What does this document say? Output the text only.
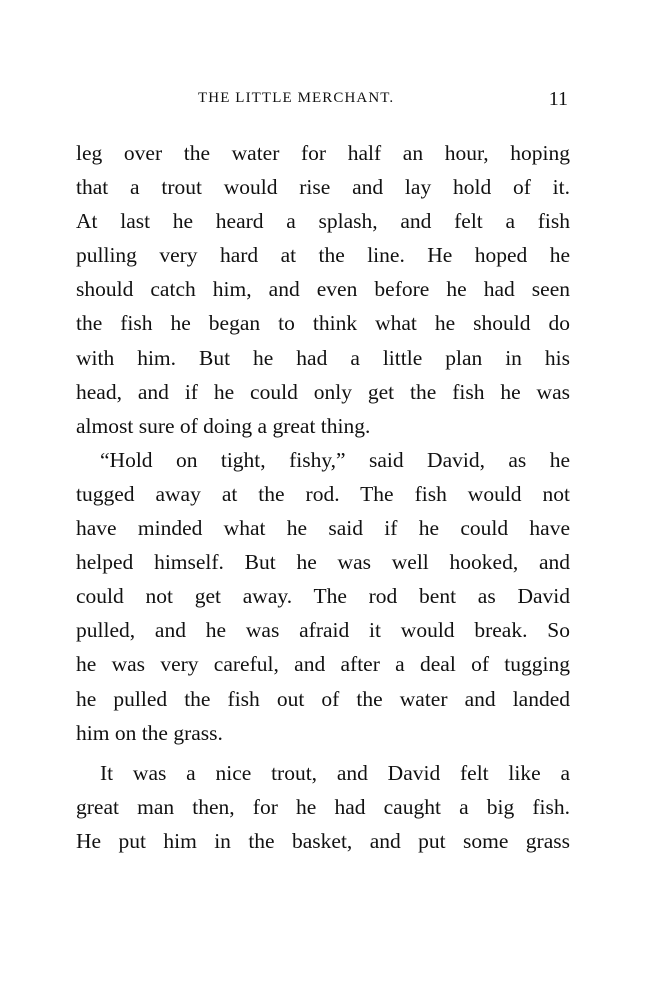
THE LITTLE MERCHANT.	11
leg over the water for half an hour, hoping
that a trout would rise and lay hold of it.
At last he heard a splash, and felt a fish
pulling very hard at the line. He hoped he
should catch him, and even before he had seen
the fish he began to think what he should do
with him. But he had a little plan in his
head, and if he could only get the fish he was
almost sure of doing a great thing.
“Hold on tight, fishy,” said David, as he
tugged away at the rod. The fish would not
have minded what he said if he could have
helped himself. But he was well hooked, and
could not get away. The rod bent as David
pulled, and he was afraid it would break. So
he was very careful, and after a deal of tugging
he pulled the fish out of the water and landed
him on the grass.
It was a nice trout, and David felt like a
great man then, for he had caught a big fish.
He put him in the basket, and put some grass
